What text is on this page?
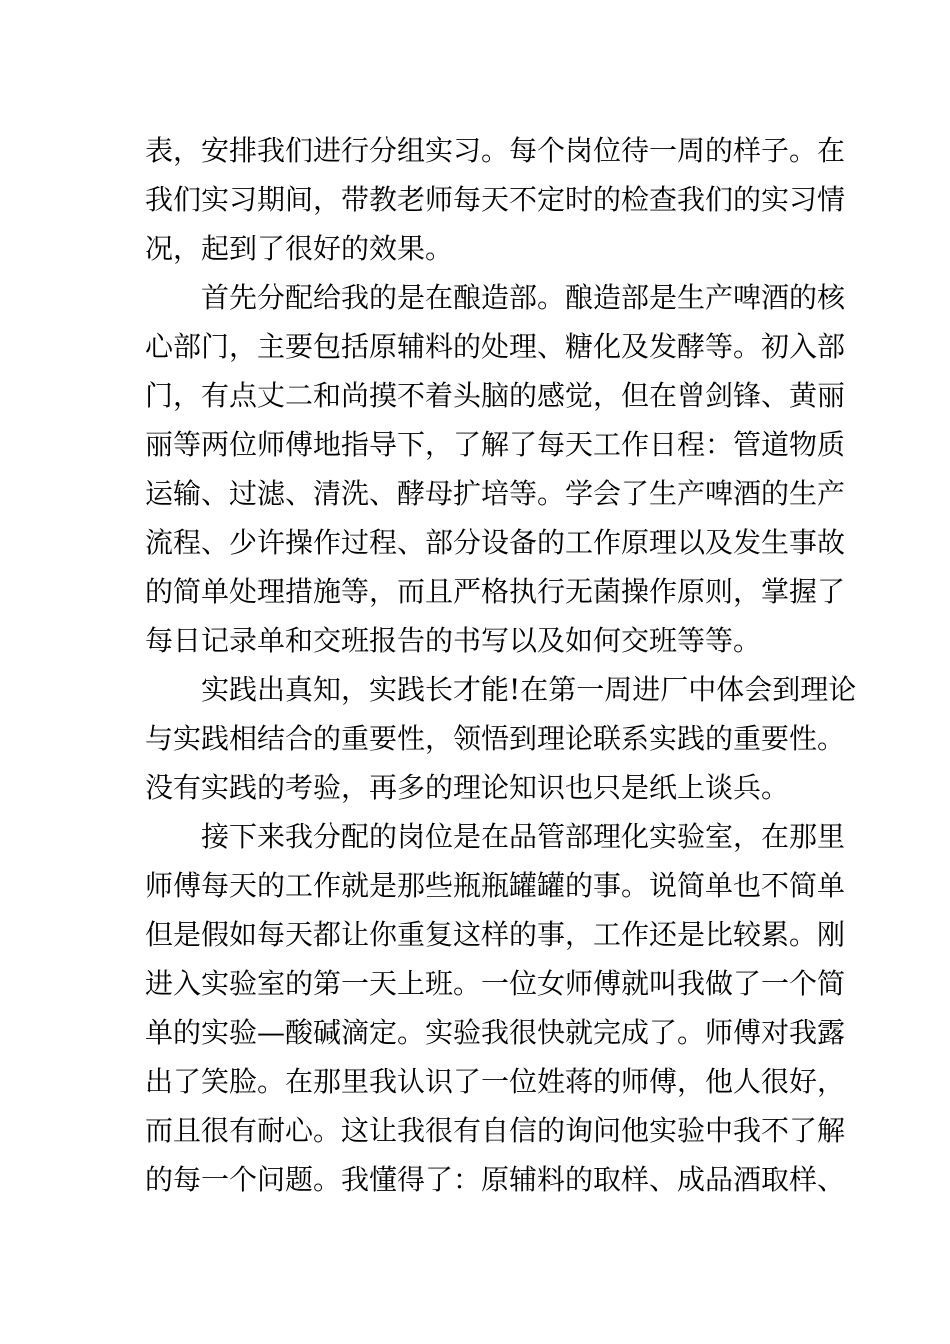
表，安排我们进行分组实习。每个岗位待一周的样子。在
我们实习期间，带教老师每天不定时的检查我们的实习情
况，起到了很好的效果。
首先分配给我的是在酿造部。酿造部是生产啤酒的核
心部门，主要包括原辅料的处理、糖化及发酵等。初入部
门，有点丈二和尚摸不着头脑的感觉，但在曾剑锋、黄丽
丽等两位师傅地指导下，了解了每天工作日程：管道物质
运输、过滤、清洗、酵母扩培等。学会了生产啤酒的生产
流程、少许操作过程、部分设备的工作原理以及发生事故
的简单处理措施等，而且严格执行无菌操作原则，掌握了
每日记录单和交班报告的书写以及如何交班等等。
实践出真知，实践长才能!在第一周进厂中体会到理论
与实践相结合的重要性，领悟到理论联系实践的重要性。
没有实践的考验，再多的理论知识也只是纸上谈兵。
接下来我分配的岗位是在品管部理化实验室，在那里
师傅每天的工作就是那些瓶瓶罐罐的事。说简单也不简单
但是假如每天都让你重复这样的事，工作还是比较累。刚
进入实验室的第一天上班。一位女师傅就叫我做了一个简
单的实验—酸碱滴定。实验我很快就完成了。师傅对我露
出了笑脸。在那里我认识了一位姓蒋的师傅，他人很好，
而且很有耐心。这让我很有自信的询问他实验中我不了解
的每一个问题。我懂得了：原辅料的取样、成品酒取样、
